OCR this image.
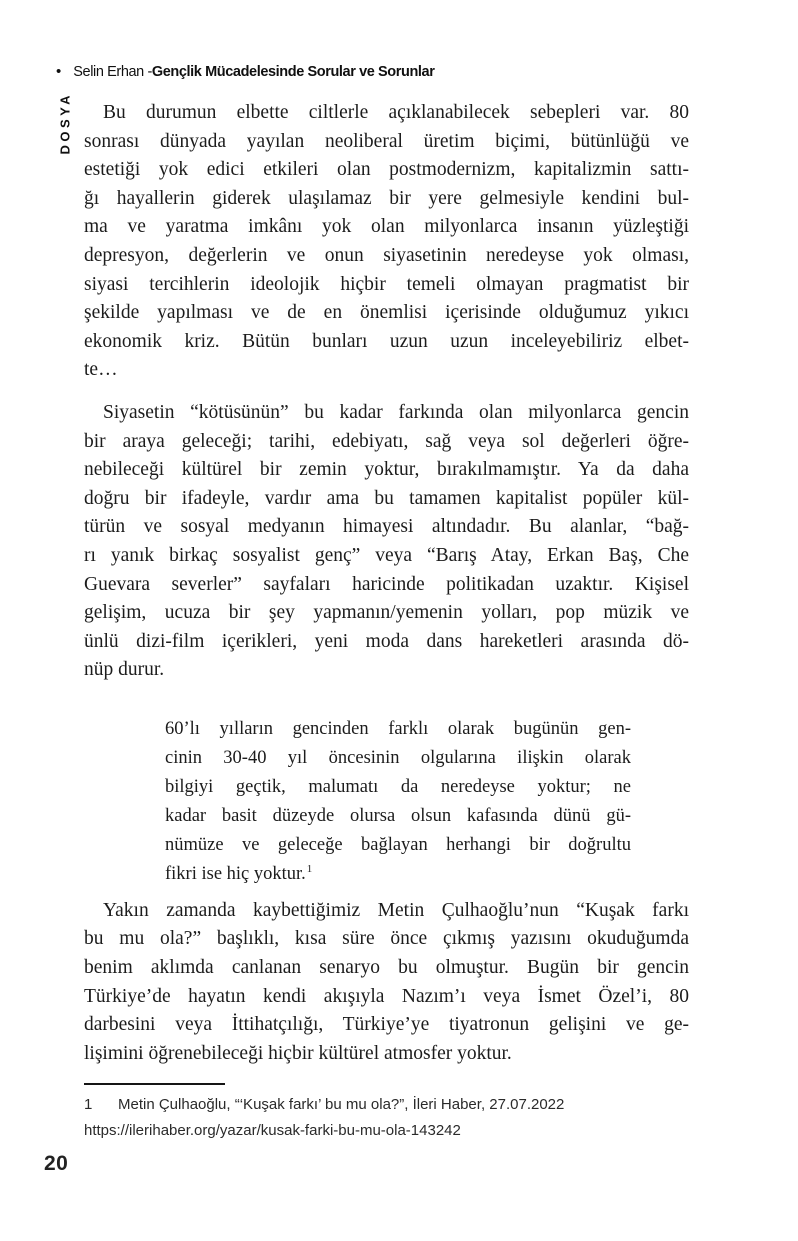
• Selin Erhan - Gençlik Mücadelesinde Sorular ve Sorunlar
DOSYA	Bu durumun elbette ciltlerle açıklanabilecek sebepleri var. 80
sonrası dünyada yayılan neoliberal üretim biçimi, bütünlüğü ve
estetiği yok edici etkileri olan postmodernizm, kapitalizmin sattı-
ğı hayallerin giderek ulaşılamaz bir yere gelmesiyle kendini bul-
ma ve yaratma imkânı yok olan milyonlarca insanın yüzleştiği
depresyon, değerlerin ve onun siyasetinin neredeyse yok olması,
siyasi tercihlerin ideolojik hiçbir temeli olmayan pragmatist bir
şekilde yapılması ve de en önemlisi içerisinde olduğumuz yıkıcı
ekonomik kriz. Bütün bunları uzun uzun inceleyebiliriz elbet-
te…
Siyasetin “kötüsünün” bu kadar farkında olan milyonlarca gencin
bir araya geleceği; tarihi, edebiyatı, sağ veya sol değerleri öğre-
nebileceği kültürel bir zemin yoktur, bırakılmamıştır. Ya da daha
doğru bir ifadeyle, vardır ama bu tamamen kapitalist popüler kül-
türün ve sosyal medyanın himayesi altındadır. Bu alanlar, “bağ-
rı yanık birkaç sosyalist genç” veya “Barış Atay, Erkan Baş, Che
Guevara severler” sayfaları haricinde politikadan uzaktır. Kişisel
gelişim, ucuza bir şey yapmanın/yemenin yolları, pop müzik ve
ünlü dizi-film içerikleri, yeni moda dans hareketleri arasında dö-
nüp durur.
60’lı yılların gencinden farklı olarak bugünün gen-
cinin 30-40 yıl öncesinin olgularına ilişkin olarak
bilgiyi geçtik, malumatı da neredeyse yoktur; ne
kadar basit düzeyde olursa olsun kafasında dünü gü-
nümüze ve geleceğe bağlayan herhangi bir doğrultu
fikri ise hiç yoktur.$^1$
Yakın zamanda kaybettiğimiz Metin Çulhaoğlu’nun “Kuşak farkı
bu mu ola?” başlıklı, kısa süre önce çıkmış yazısını okuduğumda
benim aklımda canlanan senaryo bu olmuştur. Bugün bir gencin
Türkiye’de hayatın kendi akışıyla Nazım’ı veya İsmet Özel’i, 80
darbesini veya İttihatçılığı, Türkiye’ye tiyatronun gelişini ve ge-
lişimini öğrenebileceği hiçbir kültürel atmosfer yoktur.
1 Metin Çulhaoğlu, “‘Kuşak farkı’ bu mu ola?”, İleri Haber, 27.07.2022
https://ilerihaber.org/yazar/kusak-farki-bu-mu-ola-143242
20
